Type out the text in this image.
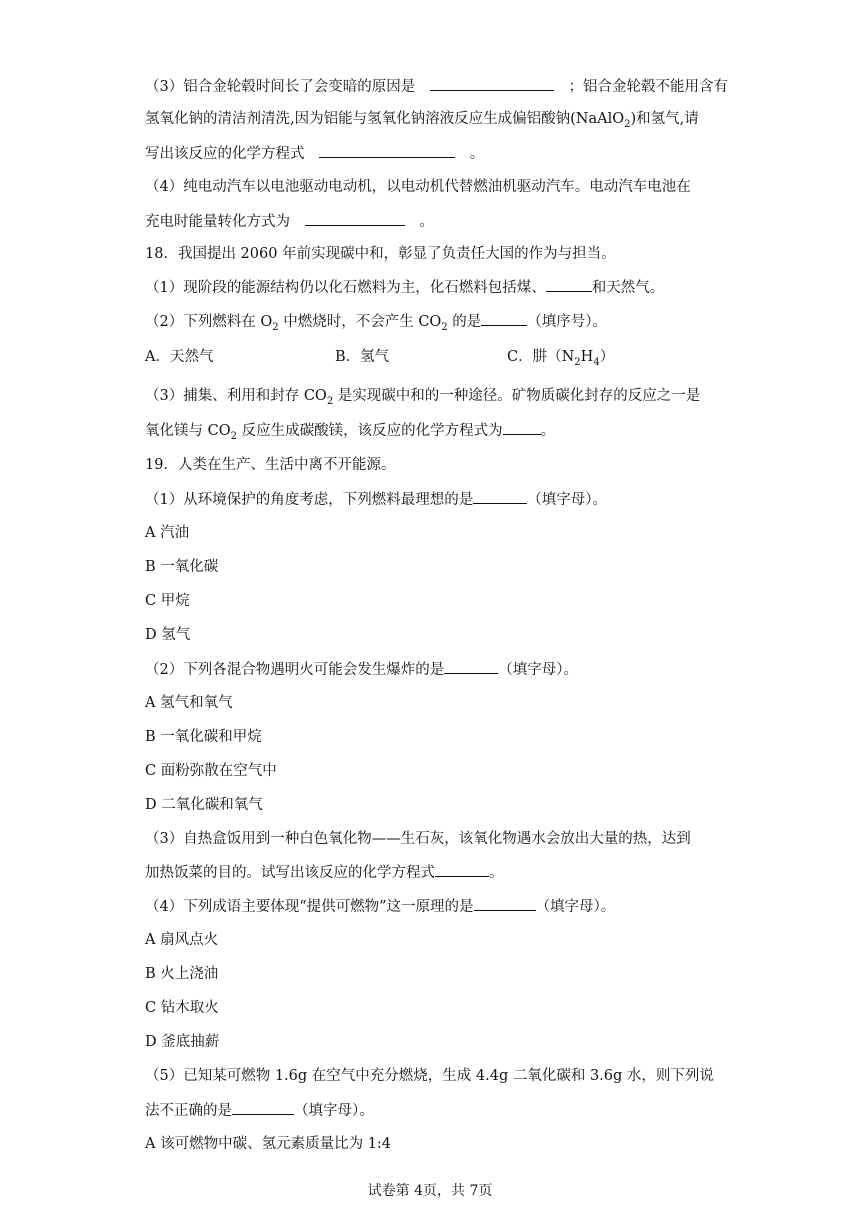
（3）铝合金轮毂时间长了会变暗的原因是	；铝合金轮毂不能用含有
氢氧化钠的清洁剂清洗,因为铝能与氢氧化钠溶液反应生成偏铝酸钠(NaAlO$_2$)和氢气,请
写出该反应的化学方程式	。
（4）纯电动汽车以电池驱动电动机，以电动机代替燃油机驱动汽车。电动汽车电池在
充电时能量转化方式为	。
18．我国提出 2060 年前实现碳中和，彰显了负责任大国的作为与担当。
（1）现阶段的能源结构仍以化石燃料为主，化石燃料包括煤、	和天然气。
（2）下列燃料在 $O_2$ 中燃烧时，不会产生 $CO_2$ 的是	（填序号）。
A．天然气	B．氢气	C．肼$(N_2H_4)$
（3）捕集、利用和封存 $CO_2$ 是实现碳中和的一种途径。矿物质碳化封存的反应之一是
氧化镁与 $CO_2$ 反应生成碳酸镁，该反应的化学方程式为	。
19．人类在生产、生活中离不开能源。
（1）从环境保护的角度考虑，下列燃料最理想的是	（填字母）。
A 汽油
B 一氧化碳
C 甲烷
D 氢气
（2）下列各混合物遇明火可能会发生爆炸的是	（填字母）。
A 氢气和氧气
B 一氧化碳和甲烷
C 面粉弥散在空气中
D 二氧化碳和氧气
（3）自热盒饭用到一种白色氧化物——生石灰，该氧化物遇水会放出大量的热，达到
加热饭菜的目的。试写出该反应的化学方程式	。
（4）下列成语主要体现“提供可燃物”这一原理的是	（填字母）。
A 扇风点火
B 火上浇油
C 钻木取火
D 釜底抽薪
（5）已知某可燃物 1.6g 在空气中充分燃烧，生成 4.4g 二氧化碳和 3.6g 水，则下列说
法不正确的是	（填字母）。
A 该可燃物中碳、氢元素质量比为 1:4
试卷第 4页，共 7页
